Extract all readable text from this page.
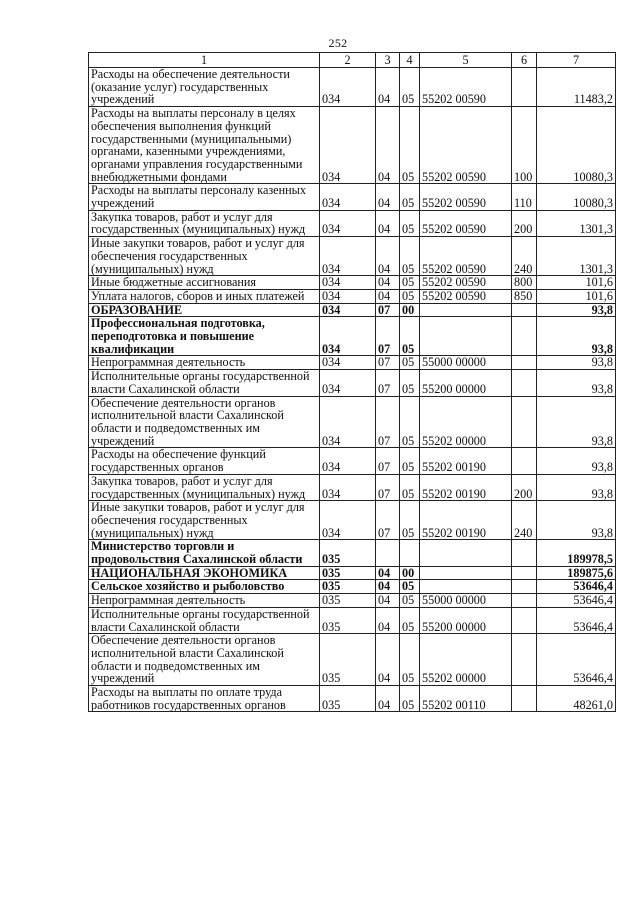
252
1	2	3	4	5	6	7
Расходы на обеспечение деятельности (оказание услуг) государственных учреждений	034	04	05	55202 00590		11483,2
Расходы на выплаты персоналу в целях обеспечения выполнения функций государственными (муниципальными) органами, казенными учреждениями, органами управления государственными внебюджетными фондами	034	04	05	55202 00590	100	10080,3
Расходы на выплаты персоналу казенных учреждений	034	04	05	55202 00590	110	10080,3
Закупка товаров, работ и услуг для государственных (муниципальных) нужд	034	04	05	55202 00590	200	1301,3
Иные закупки товаров, работ и услуг для обеспечения государственных (муниципальных) нужд	034	04	05	55202 00590	240	1301,3
Иные бюджетные ассигнования	034	04	05	55202 00590	800	101,6
Уплата налогов, сборов и иных платежей	034	04	05	55202 00590	850	101,6
ОБРАЗОВАНИЕ	034	07	00			93,8
Профессиональная подготовка, переподготовка и повышение квалификации	034	07	05			93,8
Непрограммная деятельность	034	07	05	55000 00000		93,8
Исполнительные органы государственной власти Сахалинской области	034	07	05	55200 00000		93,8
Обеспечение деятельности органов исполнительной власти Сахалинской области и подведомственных им учреждений	034	07	05	55202 00000		93,8
Расходы на обеспечение функций государственных органов	034	07	05	55202 00190		93,8
Закупка товаров, работ и услуг для государственных (муниципальных) нужд	034	07	05	55202 00190	200	93,8
Иные закупки товаров, работ и услуг для обеспечения государственных (муниципальных) нужд	034	07	05	55202 00190	240	93,8
Министерство торговли и продовольствия Сахалинской области	035					189978,5
НАЦИОНАЛЬНАЯ ЭКОНОМИКА	035	04	00			189875,6
Сельское хозяйство и рыболовство	035	04	05			53646,4
Непрограммная деятельность	035	04	05	55000 00000		53646,4
Исполнительные органы государственной власти Сахалинской области	035	04	05	55200 00000		53646,4
Обеспечение деятельности органов исполнительной власти Сахалинской области и подведомственных им учреждений	035	04	05	55202 00000		53646,4
Расходы на выплаты по оплате труда работников государственных органов	035	04	05	55202 00110		48261,0
